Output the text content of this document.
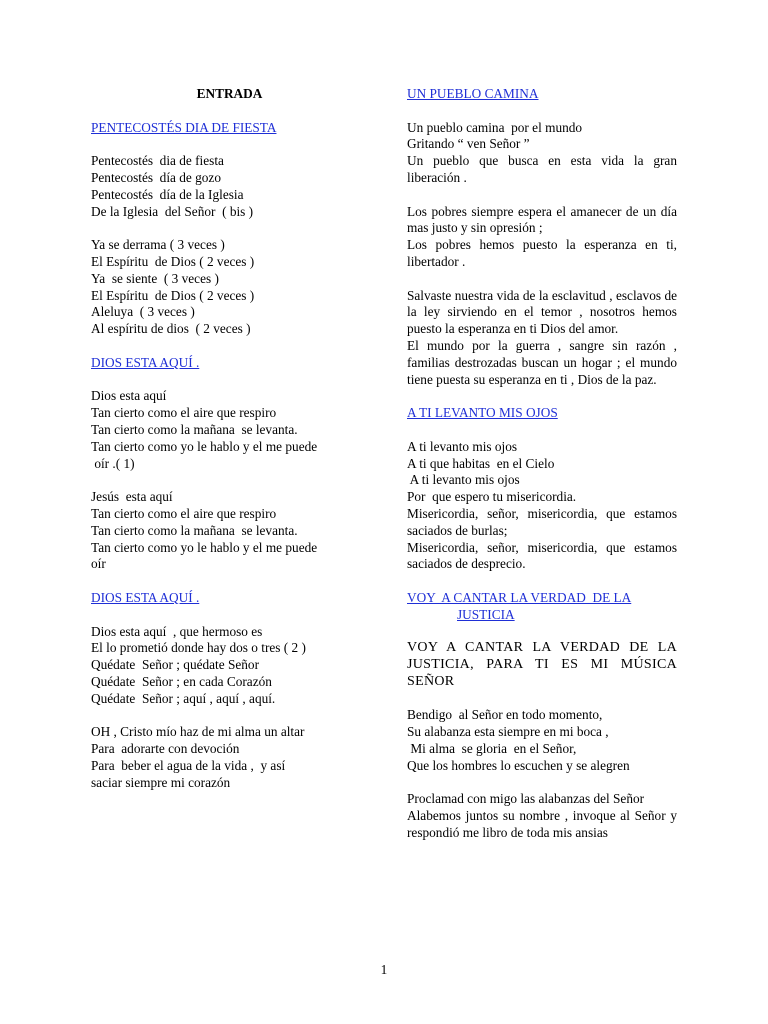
ENTRADA
PENTECOSTÉS DIA DE FIESTA
Pentecostés  dia de fiesta
Pentecostés  día de gozo
Pentecostés  día de la Iglesia
De la Iglesia  del Señor  ( bis )
Ya se derrama ( 3 veces )
El Espíritu  de Dios ( 2 veces )
Ya  se siente  ( 3 veces )
El Espíritu  de Dios ( 2 veces )
Aleluya  ( 3 veces )
Al espíritu de dios  ( 2 veces )
DIOS ESTA AQUÍ .
Dios esta aquí
Tan cierto como el aire que respiro
Tan cierto como la mañana  se levanta.
Tan cierto como yo le hablo y el me puede
oír .( 1)
Jesús  esta aquí
Tan cierto como el aire que respiro
Tan cierto como la mañana  se levanta.
Tan cierto como yo le hablo y el me puede
oír
DIOS ESTA AQUÍ .
Dios esta aquí  , que hermoso es
El lo prometió donde hay dos o tres ( 2 )
Quédate  Señor ; quédate Señor
Quédate  Señor ; en cada Corazón
Quédate  Señor ; aquí , aquí , aquí.
OH , Cristo mío haz de mi alma un altar
Para  adorarte con devoción
Para  beber el agua de la vida ,  y así
saciar siempre mi corazón
UN PUEBLO CAMINA
Un pueblo camina  por el mundo
Gritando “ ven Señor ”
Un pueblo que busca en esta vida la gran liberación .
Los pobres siempre espera el amanecer de un día mas justo y sin opresión ;
Los pobres hemos puesto la esperanza en ti, libertador .
Salvaste nuestra vida de la esclavitud , esclavos de la ley sirviendo en el temor , nosotros hemos puesto la esperanza en ti Dios del amor.
El mundo por la guerra , sangre sin razón , familias destrozadas buscan un hogar ; el mundo tiene puesta su esperanza en ti , Dios de la paz.
A TI LEVANTO MIS OJOS
A ti levanto mis ojos
A ti que habitas  en el Cielo
A ti levanto mis ojos
Por  que espero tu misericordia.
Misericordia, señor, misericordia, que estamos saciados de burlas;
Misericordia, señor, misericordia, que estamos saciados de desprecio.
VOY  A CANTAR LA VERDAD  DE LA
JUSTICIA
VOY A CANTAR LA VERDAD DE LA JUSTICIA, PARA TI ES MI MÚSICA SEÑOR
Bendigo  al Señor en todo momento,
Su alabanza esta siempre en mi boca ,
Mi alma  se gloria  en el Señor,
Que los hombres lo escuchen y se alegren
Proclamad con migo las alabanzas del Señor
Alabemos juntos su nombre , invoque al Señor y respondió me libro de toda mis ansias
1
